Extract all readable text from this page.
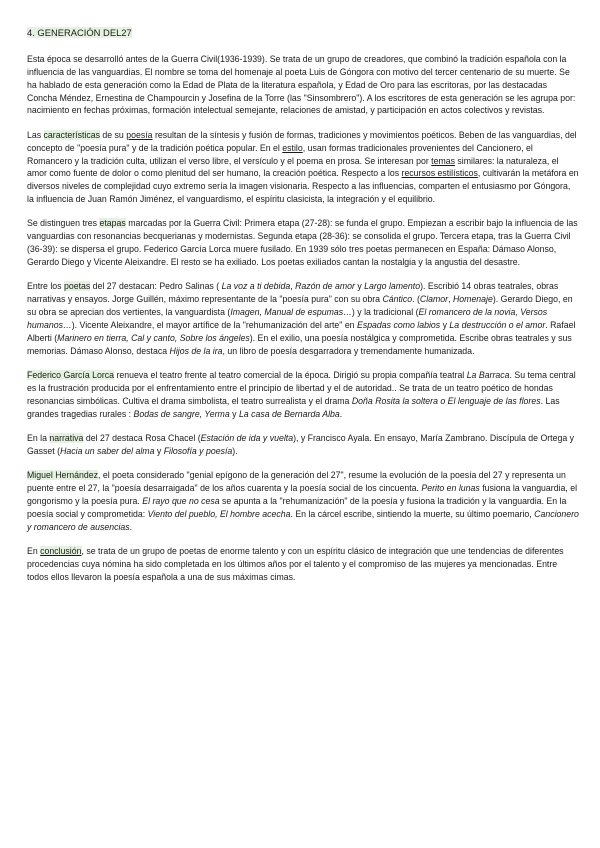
4. GENERACIÓN DEL27

Esta época se desarrolló antes de la Guerra Civil(1936-1939). Se trata de un grupo de creadores, que combinó la tradición española con la influencia de las vanguardias. El nombre se toma del homenaje al poeta Luis de Góngora con motivo del tercer centenario de su muerte. Se ha hablado de esta generación como la Edad de Plata de la literatura española, y Edad de Oro para las escritoras, por las destacadas Concha Méndez, Ernestina de Champourcin y Josefina de la Torre (las "Sinsombrero"). A los escritores de esta generación se les agrupa por: nacimiento en fechas próximas, formación intelectual semejante, relaciones de amistad, y participación en actos colectivos y revistas.

Las características de su poesía resultan de la síntesis y fusión de formas, tradiciones y movimientos poéticos. Beben de las vanguardias, del concepto de "poesía pura" y de la tradición poética popular. En el estilo, usan formas tradicionales provenientes del Cancionero, el Romancero y la tradición culta, utilizan el verso libre, el versículo y el poema en prosa. Se interesan por temas similares: la naturaleza, el amor como fuente de dolor o como plenitud del ser humano, la creación poética. Respecto a los recursos estilísticos, cultivarán la metáfora en diversos niveles de complejidad cuyo extremo sería la imagen visionaria. Respecto a las influencias, comparten el entusiasmo por Góngora, la influencia de Juan Ramón Jiménez, el vanguardismo, el espíritu clasicista, la integración y el equilibrio.

Se distinguen tres etapas marcadas por la Guerra Civil: Primera etapa (27-28): se funda el grupo. Empiezan a escribir bajo la influencia de las vanguardias con resonancias becquerianas y modernistas. Segunda etapa (28-36): se consolida el grupo. Tercera etapa, tras la Guerra Civil (36-39): se dispersa el grupo. Federico García Lorca muere fusilado. En 1939 sólo tres poetas permanecen en España: Dámaso Alonso, Gerardo Diego y Vicente Aleixandre. El resto se ha exiliado. Los poetas exiliados cantan la nostalgia y la angustia del desastre.

Entre los poetas del 27 destacan: Pedro Salinas ( La voz a ti debida, Razón de amor y Largo lamento). Escribió 14 obras teatrales, obras narrativas y ensayos. Jorge Guillén, máximo representante de la "poesía pura" con su obra Cántico. (Clamor, Homenaje). Gerardo Diego, en su obra se aprecian dos vertientes, la vanguardista (Imagen, Manual de espumas…) y la tradicional (El romancero de la novia, Versos humanos…). Vicente Aleixandre, el mayor artífice de la "rehumanización del arte" en Espadas como labios y La destrucción o el amor. Rafael Alberti (Marinero en tierra, Cal y canto, Sobre los ángeles). En el exilio, una poesía nostálgica y comprometida. Escribe obras teatrales y sus memorias. Dámaso Alonso, destaca Hijos de la ira, un libro de poesía desgarradora y tremendamente humanizada.

Federico García Lorca renueva el teatro frente al teatro comercial de la época. Dirigió su propia compañía teatral La Barraca. Su tema central es la frustración producida por el enfrentamiento entre el principio de libertad y el de autoridad.. Se trata de un teatro poético de hondas resonancias simbólicas. Cultiva el drama simbolista, el teatro surrealista y el drama Doña Rosita la soltera o El lenguaje de las flores. Las grandes tragedias rurales : Bodas de sangre, Yerma y La casa de Bernarda Alba.

En la narrativa del 27 destaca Rosa Chacel (Estación de ida y vuelta), y Francisco Ayala. En ensayo, María Zambrano. Discípula de Ortega y Gasset (Hacia un saber del alma y Filosofía y poesía).

Miguel Hernández, el poeta considerado "genial epígono de la generación del 27", resume la evolución de la poesía del 27 y representa un puente entre el 27, la "poesía desarraigada" de los años cuarenta y la poesía social de los cincuenta. Perito en lunas fusiona la vanguardia, el gongorismo y la poesía pura. El rayo que no cesa se apunta a la "rehumanización" de la poesía y fusiona la tradición y la vanguardia. En la poesía social y comprometida: Viento del pueblo, El hombre acecha. En la cárcel escribe, sintiendo la muerte, su último poemario, Cancionero y romancero de ausencias.

En conclusión, se trata de un grupo de poetas de enorme talento y con un espíritu clásico de integración que une tendencias de diferentes procedencias cuya nómina ha sido completada en los últimos años por el talento y el compromiso de las mujeres ya mencionadas. Entre todos ellos llevaron la poesía española a una de sus máximas cimas.
